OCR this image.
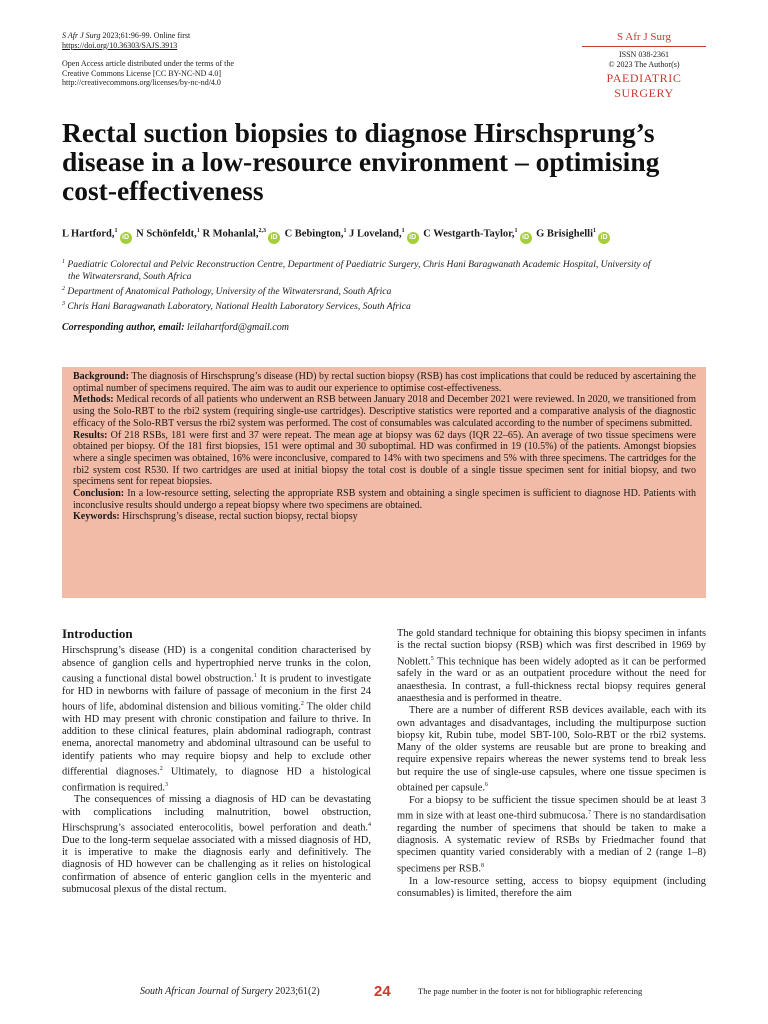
S Afr J Surg 2023;61:96-99. Online first
https://doi.org/10.36303/SAJS.3913
Open Access article distributed under the terms of the
Creative Commons License [CC BY-NC-ND 4.0]
http://creativecommons.org/licenses/by-nc-nd/4.0
S Afr J Surg
ISSN 038-2361
© 2023 The Author(s)
PAEDIATRIC SURGERY
Rectal suction biopsies to diagnose Hirschsprung’s disease in a low-resource environment – optimising cost-effectiveness
L Hartford,$^1$iD N Schönfeldt,$^1$ R Mohanlal,$^{2,3}$iD C Bebington,$^1$ J Loveland,$^1$iD C Westgarth-Taylor,$^1$iD G Brisighelli$^1$iD
$^1$ Paediatric Colorectal and Pelvic Reconstruction Centre, Department of Paediatric Surgery, Chris Hani Baragwanath Academic Hospital, University of the Witwatersrand, South Africa
$^2$ Department of Anatomical Pathology, University of the Witwatersrand, South Africa
$^3$ Chris Hani Baragwanath Laboratory, National Health Laboratory Services, South Africa
Corresponding author, email: leilahartford@gmail.com

Background: The diagnosis of Hirschsprung’s disease (HD) by rectal suction biopsy (RSB) has cost implications that could be reduced by ascertaining the optimal number of specimens required. The aim was to audit our experience to optimise cost-effectiveness.

Methods: Medical records of all patients who underwent an RSB between January 2018 and December 2021 were reviewed. In 2020, we transitioned from using the Solo-RBT to the rbi2 system (requiring single-use cartridges). Descriptive statistics were reported and a comparative analysis of the diagnostic efficacy of the Solo-RBT versus the rbi2 system was performed. The cost of consumables was calculated according to the number of specimens submitted.

Results: Of 218 RSBs, 181 were first and 37 were repeat. The mean age at biopsy was 62 days (IQR 22–65). An average of two tissue specimens were obtained per biopsy. Of the 181 first biopsies, 151 were optimal and 30 suboptimal. HD was confirmed in 19 (10.5%) of the patients. Amongst biopsies where a single specimen was obtained, 16% were inconclusive, compared to 14% with two specimens and 5% with three specimens. The cartridges for the rbi2 system cost R530. If two cartridges are used at initial biopsy the total cost is double of a single tissue specimen sent for initial biopsy, and two specimens sent for repeat biopsies.

Conclusion: In a low-resource setting, selecting the appropriate RSB system and obtaining a single specimen is sufficient to diagnose HD. Patients with inconclusive results should undergo a repeat biopsy where two specimens are obtained.

Keywords: Hirschsprung’s disease, rectal suction biopsy, rectal biopsy

Introduction

Hirschsprung’s disease (HD) is a congenital condition characterised by absence of ganglion cells and hypertrophied nerve trunks in the colon, causing a functional distal bowel obstruction.$^1$ It is prudent to investigate for HD in newborns with failure of passage of meconium in the first 24 hours of life, abdominal distension and bilious vomiting.$^2$ The older child with HD may present with chronic constipation and failure to thrive. In addition to these clinical features, plain abdominal radiograph, contrast enema, anorectal manometry and abdominal ultrasound can be useful to identify patients who may require biopsy and help to exclude other differential diagnoses.$^2$ Ultimately, to diagnose HD a histological confirmation is required.$^3$

The consequences of missing a diagnosis of HD can be devastating with complications including malnutrition, bowel obstruction, Hirschsprung’s associated enterocolitis, bowel perforation and death.$^4$ Due to the long-term sequelae associated with a missed diagnosis of HD, it is imperative to make the diagnosis early and definitively. The diagnosis of HD however can be challenging as it relies on histological confirmation of absence of enteric ganglion cells in the myenteric and submucosal plexus of the distal rectum.

The gold standard technique for obtaining this biopsy specimen in infants is the rectal suction biopsy (RSB) which was first described in 1969 by Noblett.$^5$ This technique has been widely adopted as it can be performed safely in the ward or as an outpatient procedure without the need for anaesthesia. In contrast, a full-thickness rectal biopsy requires general anaesthesia and is performed in theatre.

There are a number of different RSB devices available, each with its own advantages and disadvantages, including the multipurpose suction biopsy kit, Rubin tube, model SBT-100, Solo-RBT or the rbi2 systems. Many of the older systems are reusable but are prone to breaking and require expensive repairs whereas the newer systems tend to break less but require the use of single-use capsules, where one tissue specimen is obtained per capsule.$^6$

For a biopsy to be sufficient the tissue specimen should be at least 3 mm in size with at least one-third submucosa.$^7$ There is no standardisation regarding the number of specimens that should be taken to make a diagnosis. A systematic review of RSBs by Friedmacher found that specimen quantity varied considerably with a median of 2 (range 1–8) specimens per RSB.$^8$

In a low-resource setting, access to biopsy equipment (including consumables) is limited, therefore the aim

South African Journal of Surgery 2023;61(2)	24	The page number in the footer is not for bibliographic referencing
